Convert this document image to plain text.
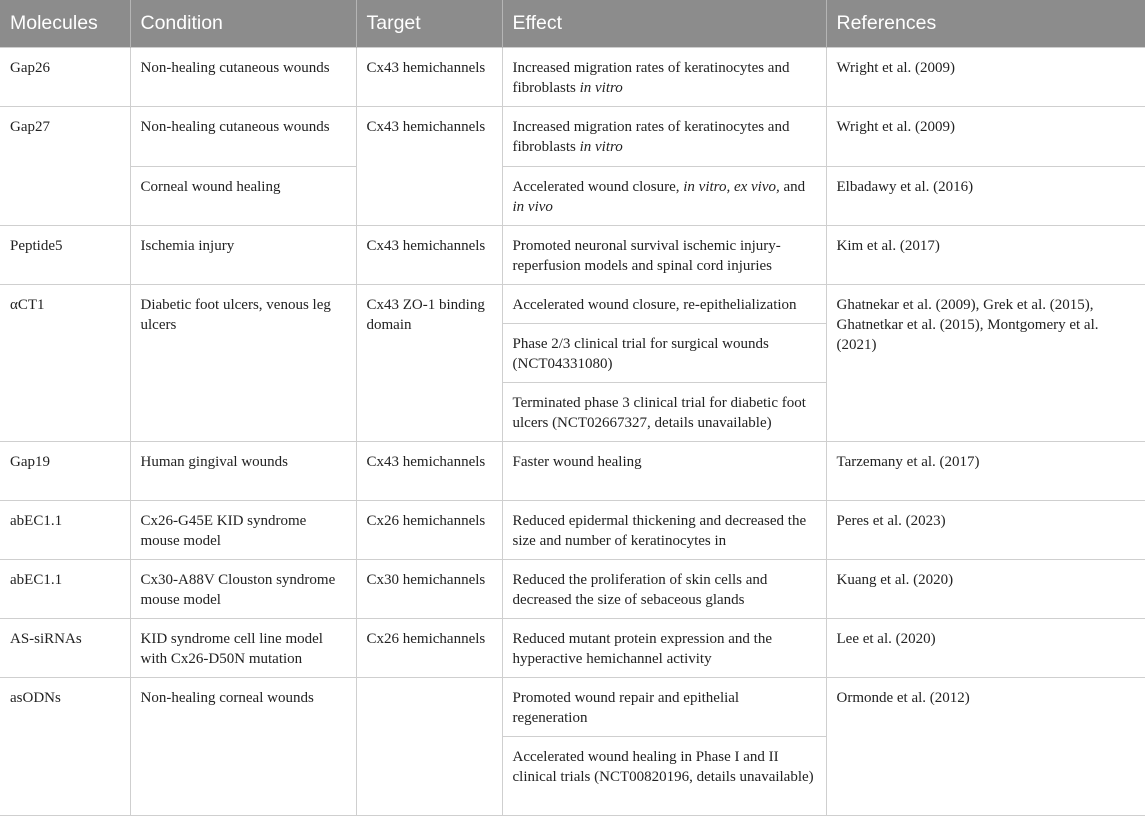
Molecules	Condition	Target	Effect	References
Gap26	Non-healing cutaneous wounds	Cx43 hemichannels	Increased migration rates of keratinocytes and fibroblasts in vitro	Wright et al. (2009)
Gap27	Non-healing cutaneous wounds	Cx43 hemichannels	Increased migration rates of keratinocytes and fibroblasts in vitro	Wright et al. (2009)
	Corneal wound healing		Accelerated wound closure, in vitro, ex vivo, and in vivo	Elbadawy et al. (2016)
Peptide5	Ischemia injury	Cx43 hemichannels	Promoted neuronal survival ischemic injury-reperfusion models and spinal cord injuries	Kim et al. (2017)
αCT1	Diabetic foot ulcers, venous leg ulcers	Cx43 ZO-1 binding domain	Accelerated wound closure, re-epithelialization	Ghatnekar et al. (2009), Grek et al. (2015), Ghatnetkar et al. (2015), Montgomery et al. (2021)
			Phase 2/3 clinical trial for surgical wounds (NCT04331080)	
			Terminated phase 3 clinical trial for diabetic foot ulcers (NCT02667327, details unavailable)	
Gap19	Human gingival wounds	Cx43 hemichannels	Faster wound healing	Tarzemany et al. (2017)
abEC1.1	Cx26-G45E KID syndrome mouse model	Cx26 hemichannels	Reduced epidermal thickening and decreased the size and number of keratinocytes in	Peres et al. (2023)
abEC1.1	Cx30-A88V Clouston syndrome mouse model	Cx30 hemichannels	Reduced the proliferation of skin cells and decreased the size of sebaceous glands	Kuang et al. (2020)
AS-siRNAs	KID syndrome cell line model with Cx26-D50N mutation	Cx26 hemichannels	Reduced mutant protein expression and the hyperactive hemichannel activity	Lee et al. (2020)
asODNs	Non-healing corneal wounds		Promoted wound repair and epithelial regeneration	Ormonde et al. (2012)
			Accelerated wound healing in Phase I and II clinical trials (NCT00820196, details unavailable)	
